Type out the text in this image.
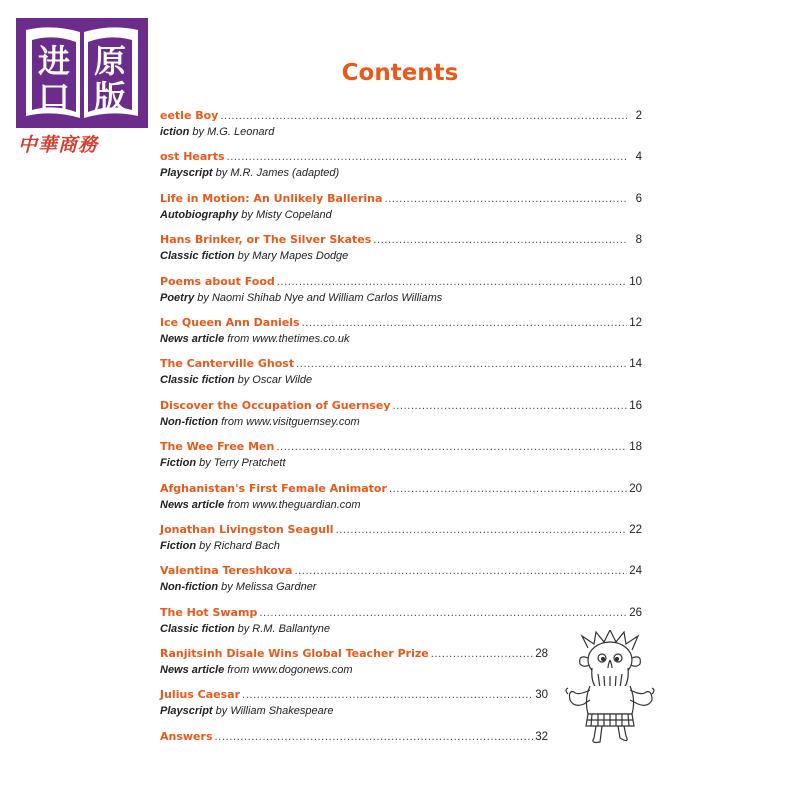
进 原
口 版
中華商務
Contents
eetle Boy .....	2
iction by M.G. Leonard
ost Hearts .....	4
Playscript by M.R. James (adapted)
Life in Motion: An Unlikely Ballerina .....	6
Autobiography by Misty Copeland
Hans Brinker, or The Silver Skates .....	8
Classic fiction by Mary Mapes Dodge
Poems about Food .....	10
Poetry by Naomi Shihab Nye and William Carlos Williams
Ice Queen Ann Daniels .....	12
News article from www.thetimes.co.uk
The Canterville Ghost .....	14
Classic fiction by Oscar Wilde
Discover the Occupation of Guernsey .....	16
Non-fiction from www.visitguernsey.com
The Wee Free Men .....	18
Fiction by Terry Pratchett
Afghanistan's First Female Animator .....	20
News article from www.theguardian.com
Jonathan Livingston Seagull .....	22
Fiction by Richard Bach
Valentina Tereshkova .....	24
Non-fiction by Melissa Gardner
The Hot Swamp .....	26
Classic fiction by R.M. Ballantyne
Ranjitsinh Disale Wins Global Teacher Prize .....	28
News article from www.dogonews.com
Julius Caesar .....	30
Playscript by William Shakespeare
Answers .....	32
